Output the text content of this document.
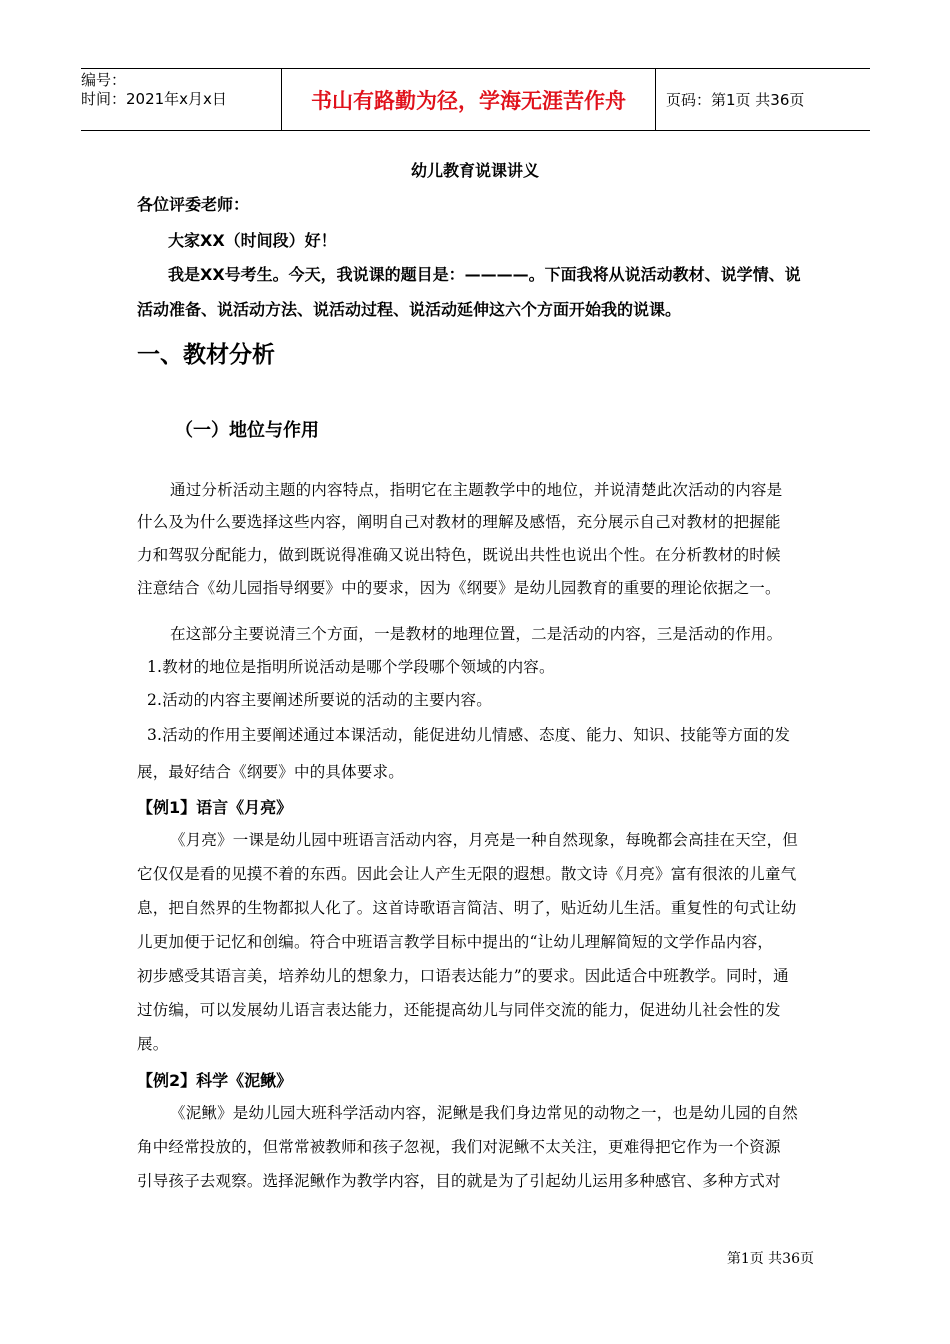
编号：
时间：2021年x月x日	书山有路勤为径，学海无涯苦作舟	页码：第1页 共36页
幼儿教育说课讲义
各位评委老师：
大家XX（时间段）好！
我是XX号考生。今天，我说课的题目是：————。下面我将从说活动教材、说学情、说
活动准备、说活动方法、说活动过程、说活动延伸这六个方面开始我的说课。
一、教材分析
（一）地位与作用
通过分析活动主题的内容特点，指明它在主题教学中的地位，并说清楚此次活动的内容是
什么及为什么要选择这些内容，阐明自己对教材的理解及感悟，充分展示自己对教材的把握能
力和驾驭分配能力，做到既说得准确又说出特色，既说出共性也说出个性。在分析教材的时候
注意结合《幼儿园指导纲要》中的要求，因为《纲要》是幼儿园教育的重要的理论依据之一。
在这部分主要说清三个方面，一是教材的地理位置，二是活动的内容，三是活动的作用。
1.教材的地位是指明所说活动是哪个学段哪个领域的内容。
2.活动的内容主要阐述所要说的活动的主要内容。
3.活动的作用主要阐述通过本课活动，能促进幼儿情感、态度、能力、知识、技能等方面的发
展，最好结合《纲要》中的具体要求。
【例1】语言《月亮》
《月亮》一课是幼儿园中班语言活动内容，月亮是一种自然现象，每晚都会高挂在天空，但
它仅仅是看的见摸不着的东西。因此会让人产生无限的遐想。散文诗《月亮》富有很浓的儿童气
息，把自然界的生物都拟人化了。这首诗歌语言简洁、明了，贴近幼儿生活。重复性的句式让幼
儿更加便于记忆和创编。符合中班语言教学目标中提出的“让幼儿理解简短的文学作品内容，
初步感受其语言美，培养幼儿的想象力，口语表达能力”的要求。因此适合中班教学。同时，通
过仿编，可以发展幼儿语言表达能力，还能提高幼儿与同伴交流的能力，促进幼儿社会性的发
展。
【例2】科学《泥鳅》
《泥鳅》是幼儿园大班科学活动内容，泥鳅是我们身边常见的动物之一，也是幼儿园的自然
角中经常投放的，但常常被教师和孩子忽视，我们对泥鳅不太关注，更难得把它作为一个资源
引导孩子去观察。选择泥鳅作为教学内容，目的就是为了引起幼儿运用多种感官、多种方式对
第1页 共36页
